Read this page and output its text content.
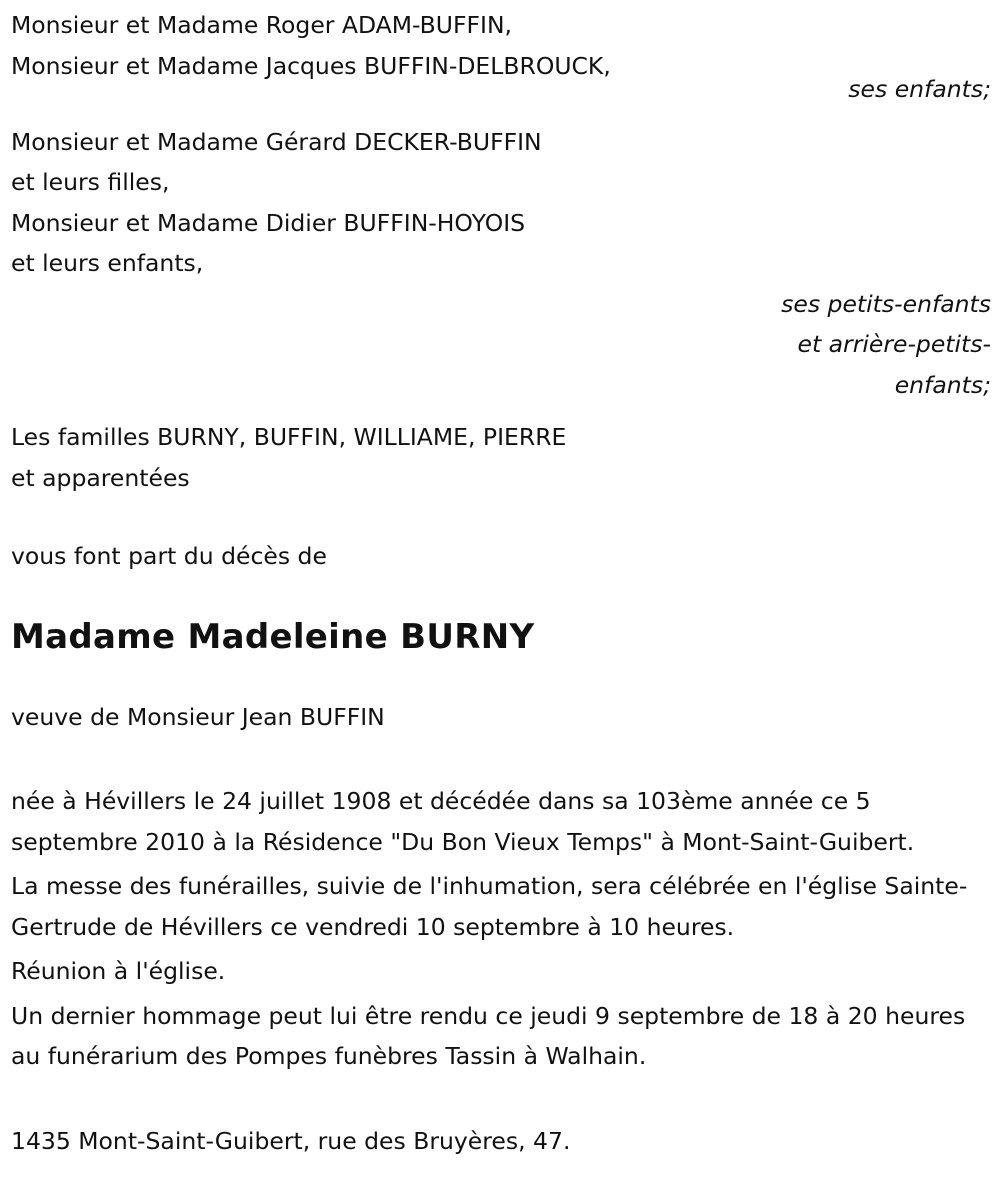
Monsieur et Madame Roger ADAM-BUFFIN,
Monsieur et Madame Jacques BUFFIN-DELBROUCK,
ses enfants;
Monsieur et Madame Gérard DECKER-BUFFIN
et leurs filles,
Monsieur et Madame Didier BUFFIN-HOYOIS
et leurs enfants,
ses petits-enfants
et arrière-petits-
enfants;
Les familles BURNY, BUFFIN, WILLIAME, PIERRE
et apparentées
vous font part du décès de
Madame Madeleine BURNY
veuve de Monsieur Jean BUFFIN
née à Hévillers le 24 juillet 1908 et décédée dans sa 103ème année ce 5 septembre 2010 à la Résidence "Du Bon Vieux Temps" à Mont-Saint-Guibert.
La messe des funérailles, suivie de l'inhumation, sera célébrée en l'église Sainte-Gertrude de Hévillers ce vendredi 10 septembre à 10 heures.
Réunion à l'église.
Un dernier hommage peut lui être rendu ce jeudi 9 septembre de 18 à 20 heures au funérarium des Pompes funèbres Tassin à Walhain.
1435 Mont-Saint-Guibert, rue des Bruyères, 47.
